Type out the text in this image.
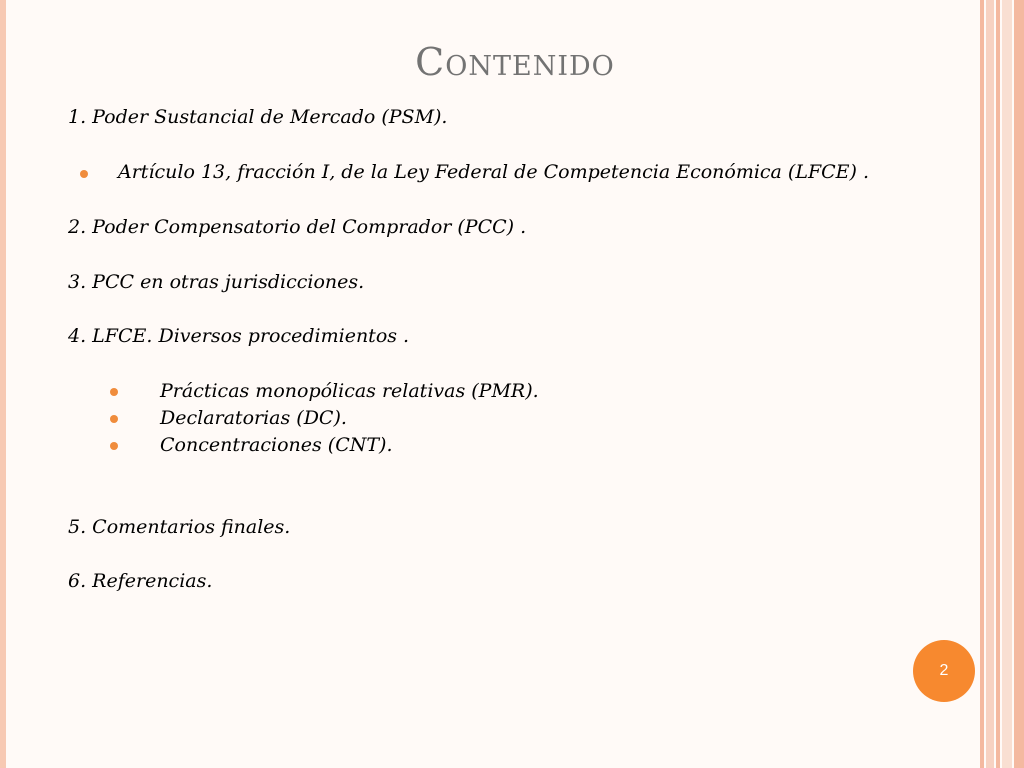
Contenido
1. Poder Sustancial de Mercado (PSM).
Artículo 13, fracción I, de la Ley Federal de Competencia Económica (LFCE) .
2. Poder Compensatorio del Comprador (PCC) .
3. PCC en otras jurisdicciones.
4. LFCE. Diversos procedimientos .
Prácticas monopólicas relativas (PMR).
Declaratorias (DC).
Concentraciones (CNT).
5. Comentarios finales.
6. Referencias.
2
